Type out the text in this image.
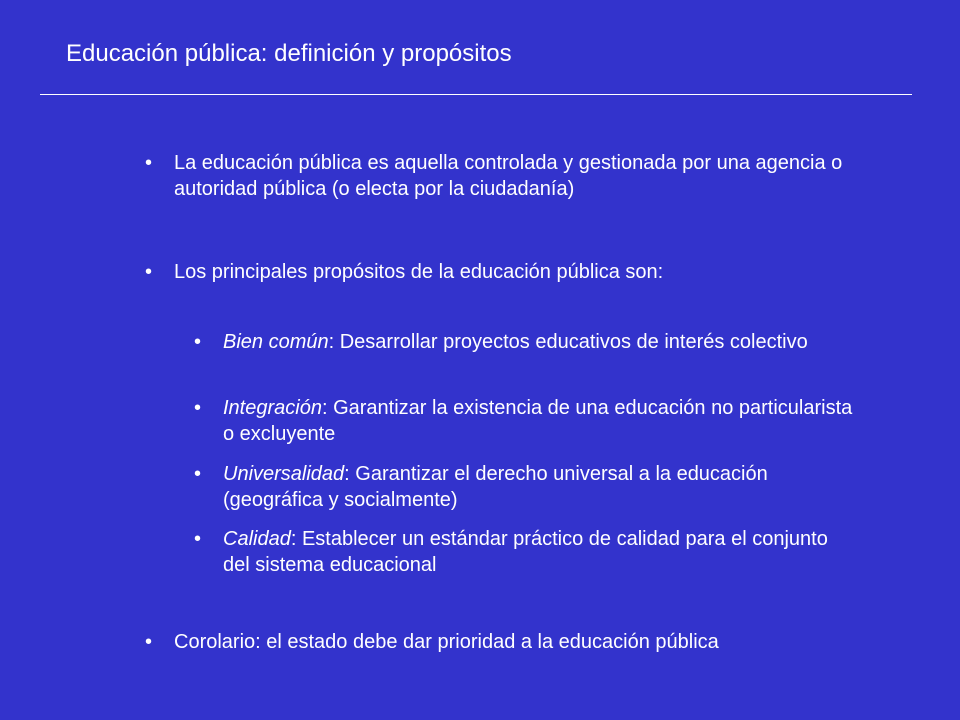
Educación pública: definición y propósitos
• La educación pública es aquella controlada y gestionada por una agencia o autoridad pública (o electa por la ciudadanía)
• Los principales propósitos de la educación pública son:
• Bien común: Desarrollar proyectos educativos de interés colectivo
• Integración: Garantizar la existencia de una educación no particularista o excluyente
• Universalidad: Garantizar el derecho universal a la educación (geográfica y socialmente)
• Calidad: Establecer un estándar práctico de calidad para el conjunto del sistema educacional
• Corolario: el estado debe dar prioridad a la educación pública
